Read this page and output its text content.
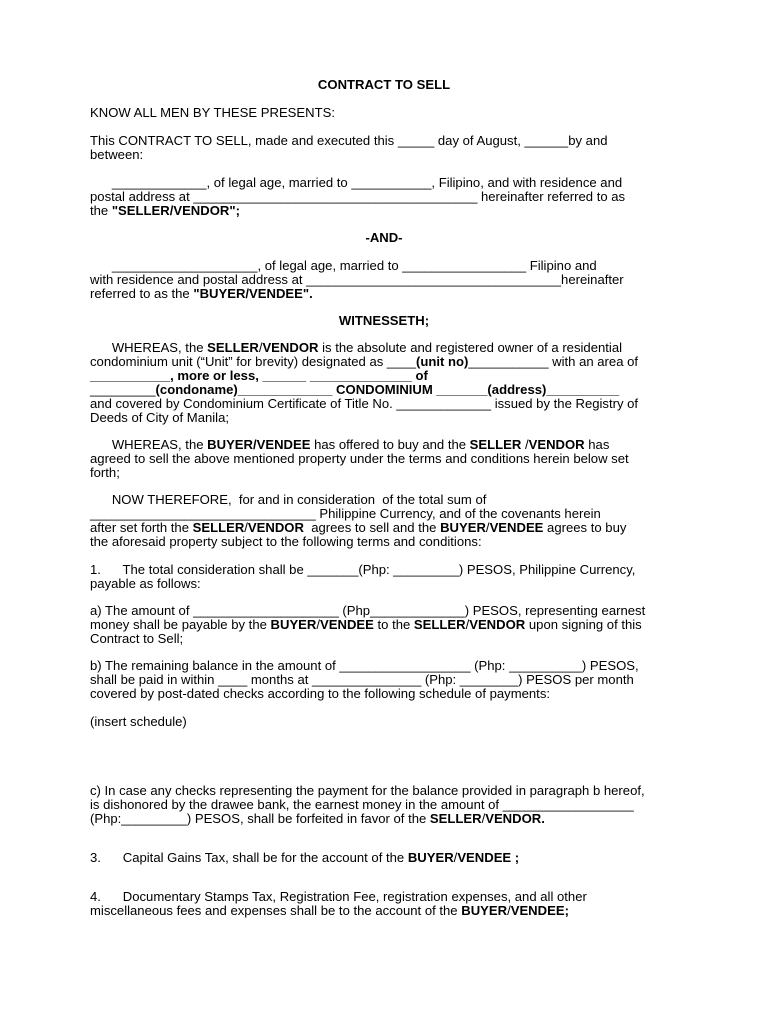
CONTRACT TO SELL

KNOW ALL MEN BY THESE PRESENTS:

This CONTRACT TO SELL, made and executed this _____ day of August, ______by and

between:

_____________, of legal age, married to ___________, Filipino, and with residence and

postal address at _______________________________________ hereinafter referred to as

the "SELLER/VENDOR";

-AND-

____________________, of legal age, married to _________________ Filipino and

with residence and postal address at ___________________________________hereinafter

referred to as the "BUYER/VENDEE".

WITNESSETH;

WHEREAS, the SELLER/VENDOR is the absolute and registered owner of a residential

condominium unit (“Unit” for brevity) designated as ____(unit no)___________ with an area of

___________, more or less, ______ ______________ of

_________(condoname)_____________ CONDOMINIUM _______(address)__________

and covered by Condominium Certificate of Title No. _____________ issued by the Registry of

Deeds of City of Manila;

WHEREAS, the BUYER/VENDEE has offered to buy and the SELLER /VENDOR has

agreed to sell the above mentioned property under the terms and conditions herein below set

forth;

NOW THEREFORE,  for and in consideration  of the total sum of

_______________________________ Philippine Currency, and of the covenants herein

after set forth the SELLER/VENDOR  agrees to sell and the BUYER/VENDEE agrees to buy

the aforesaid property subject to the following terms and conditions:

1.      The total consideration shall be _______(Php: _________) PESOS, Philippine Currency,

payable as follows:

a) The amount of ____________________ (Php_____________) PESOS, representing earnest

money shall be payable by the BUYER/VENDEE to the SELLER/VENDOR upon signing of this

Contract to Sell;

b) The remaining balance in the amount of __________________ (Php: __________) PESOS,

shall be paid in within ____ months at _______________ (Php: ________) PESOS per month

covered by post-dated checks according to the following schedule of payments:

(insert schedule)

c) In case any checks representing the payment for the balance provided in paragraph b hereof,

is dishonored by the drawee bank, the earnest money in the amount of __________________

(Php:_________) PESOS, shall be forfeited in favor of the SELLER/VENDOR.

3.      Capital Gains Tax, shall be for the account of the BUYER/VENDEE ;

4.      Documentary Stamps Tax, Registration Fee, registration expenses, and all other

miscellaneous fees and expenses shall be to the account of the BUYER/VENDEE;
